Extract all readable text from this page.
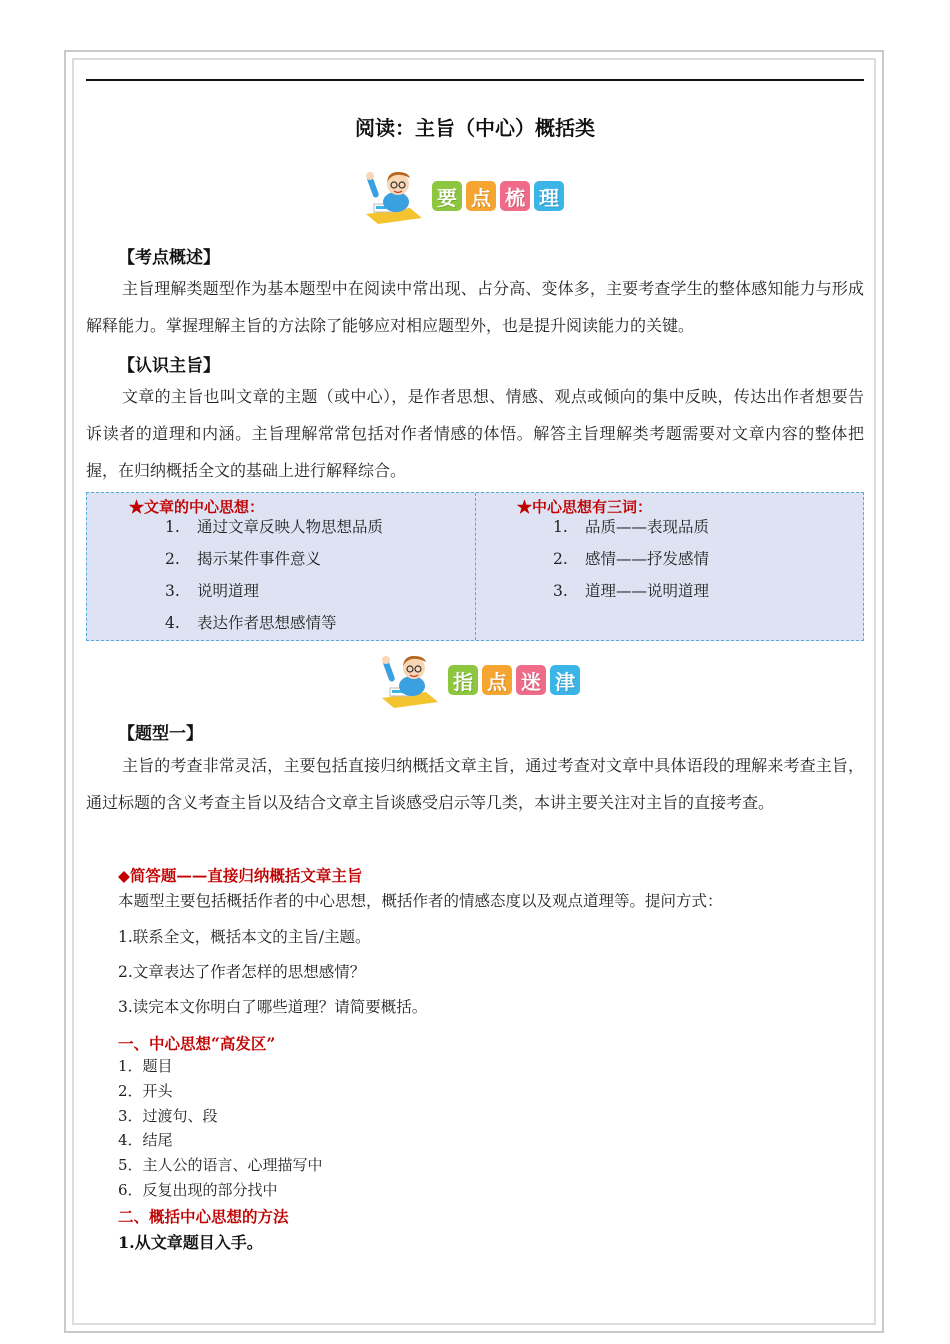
阅读：主旨（中心）概括类
要 点 梳 理
【考点概述】
主旨理解类题型作为基本题型中在阅读中常出现、占分高、变体多，主要考查学生的整体感知能力与形成解释能力。掌握理解主旨的方法除了能够应对相应题型外，也是提升阅读能力的关键。
【认识主旨】
文章的主旨也叫文章的主题（或中心），是作者思想、情感、观点或倾向的集中反映，传达出作者想要告诉读者的道理和内涵。主旨理解常常包括对作者情感的体悟。解答主旨理解类考题需要对文章内容的整体把握，在归纳概括全文的基础上进行解释综合。
★文章的中心思想：
1.	通过文章反映人物思想品质
2.	揭示某件事件意义
3.	说明道理
4.	表达作者思想感情等
★中心思想有三词：
1.	品质——表现品质
2.	感情——抒发感情
3.	道理——说明道理
指 点 迷 津
【题型一】
主旨的考查非常灵活，主要包括直接归纳概括文章主旨，通过考查对文章中具体语段的理解来考查主旨，通过标题的含义考查主旨以及结合文章主旨谈感受启示等几类，本讲主要关注对主旨的直接考查。
◆简答题——直接归纳概括文章主旨
本题型主要包括概括作者的中心思想，概括作者的情感态度以及观点道理等。提问方式：
1.联系全文，概括本文的主旨/主题。
2.文章表达了作者怎样的思想感情？
3.读完本文你明白了哪些道理？请简要概括。
一、中心思想“高发区”
1．题目
2．开头
3．过渡句、段
4．结尾
5．主人公的语言、心理描写中
6．反复出现的部分找中
二、概括中心思想的方法
1.从文章题目入手。
